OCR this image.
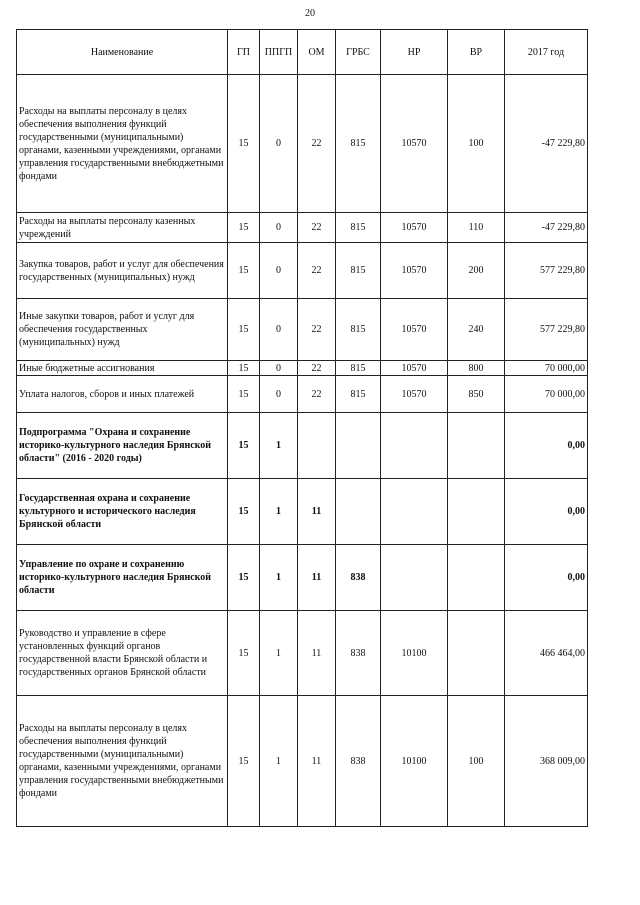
20
Наименование	ГП	ППГП	ОМ	ГРБС	НР	ВР	2017 год
Расходы на выплаты персоналу в целях обеспечения выполнения функций государственными (муниципальными) органами, казенными учреждениями, органами управления государственными внебюджетными фондами	15	0	22	815	10570	100	-47 229,80
Расходы на выплаты персоналу казенных учреждений	15	0	22	815	10570	110	-47 229,80
Закупка товаров, работ и услуг для обеспечения государственных (муниципальных) нужд	15	0	22	815	10570	200	577 229,80
Иные закупки товаров, работ и услуг для обеспечения государственных (муниципальных) нужд	15	0	22	815	10570	240	577 229,80
Иные бюджетные ассигнования	15	0	22	815	10570	800	70 000,00
Уплата налогов, сборов и иных платежей	15	0	22	815	10570	850	70 000,00
Подпрограмма "Охрана и сохранение историко-культурного наследия Брянской области" (2016 - 2020 годы)	15	1					0,00
Государственная охрана и сохранение культурного и исторического наследия Брянской области	15	1	11				0,00
Управление по охране и сохранению историко-культурного наследия Брянской области	15	1	11	838			0,00
Руководство и управление в сфере установленных функций органов государственной власти Брянской области и государственных органов Брянской области	15	1	11	838	10100		466 464,00
Расходы на выплаты персоналу в целях обеспечения выполнения функций государственными (муниципальными) органами, казенными учреждениями, органами управления государственными внебюджетными фондами	15	1	11	838	10100	100	368 009,00
